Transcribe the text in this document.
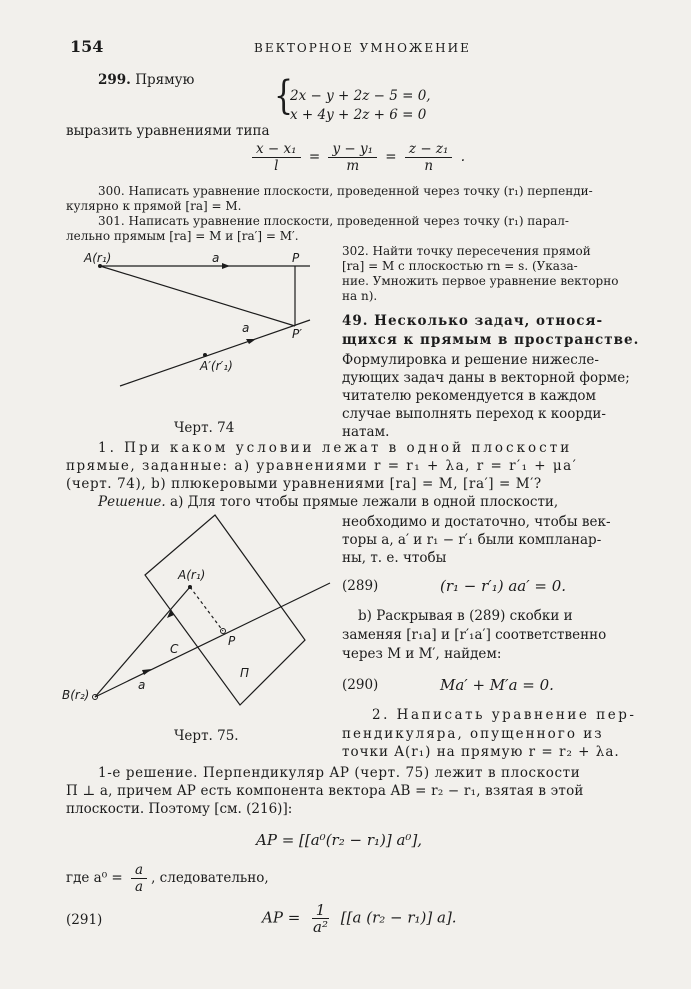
154	ВЕКТОРНОЕ УМНОЖЕНИЕ
299. Прямую	{
2x − y + 2z − 5 = 0,
x + 4y + 2z + 6 = 0
выразить уравнениями типа
$\frac{\text{x − x₁}}{l} = \frac{\text{y − y₁}}{m} = \frac{\text{z − z₁}}{n}$ .
300. Написать уравнение плоскости, проведенной через точку (r₁) перпенди-
кулярно к прямой [ra] = M.
301. Написать уравнение плоскости, проведенной через точку (r₁) парал-
лельно прямым [ra] = M и [ra′] = M′.
302. Найти точку пересечения прямой
[ra] = M с плоскостью rn = s. (Указа-
ние. Умножить первое уравнение векторно
на n).
A(r₁)	a	P
a	P′
A′(r′₁)
Черт. 74
49. Несколько задач, относя-
щихся к прямым в пространстве.
Формулировка и решение нижесле-
дующих задач даны в векторной форме;
читателю рекомендуется в каждом
случае выполнять переход к коорди-
натам.
1. При каком условии лежат в одной плоскости
прямые, заданные: a) уравнениями r = r₁ + λa, r = r′₁ + μa′
(черт. 74), b) плюкеровыми уравнениями [ra] = M, [ra′] = M′?
Решение. a) Для того чтобы прямые лежали в одной плоскости,
необходимо и достаточно, чтобы век-
торы a, a′ и r₁ − r′₁ были компланар-
ны, т. е. чтобы
(289)	(r₁ − r′₁) aa′ = 0.
b) Раскрывая в (289) скобки и
заменяя [r₁a] и [r′₁a′] соответственно
через M и M′, найдем:
(290)	Ma′ + M′a = 0.
2. Написать уравнение пер-
пендикуляра, опущенного из
точки A(r₁) на прямую r = r₂ + λa.
A(r₁)
P
C
B(r₂)
a
Π
Черт. 75.
1-е решение. Перпендикуляр AP (черт. 75) лежит в плоскости
Π ⊥ a, причем AP есть компонента вектора AB = r₂ − r₁, взятая в этой
плоскости. Поэтому [см. (216)]:
AP = [[a⁰(r₂ − r₁)] a⁰],
где $a^0 = \frac{a}{a}$ , следовательно,
(291)	AP = $\frac{1}{\text{a²}} [[a$ (r₂ − r₁)] a].
